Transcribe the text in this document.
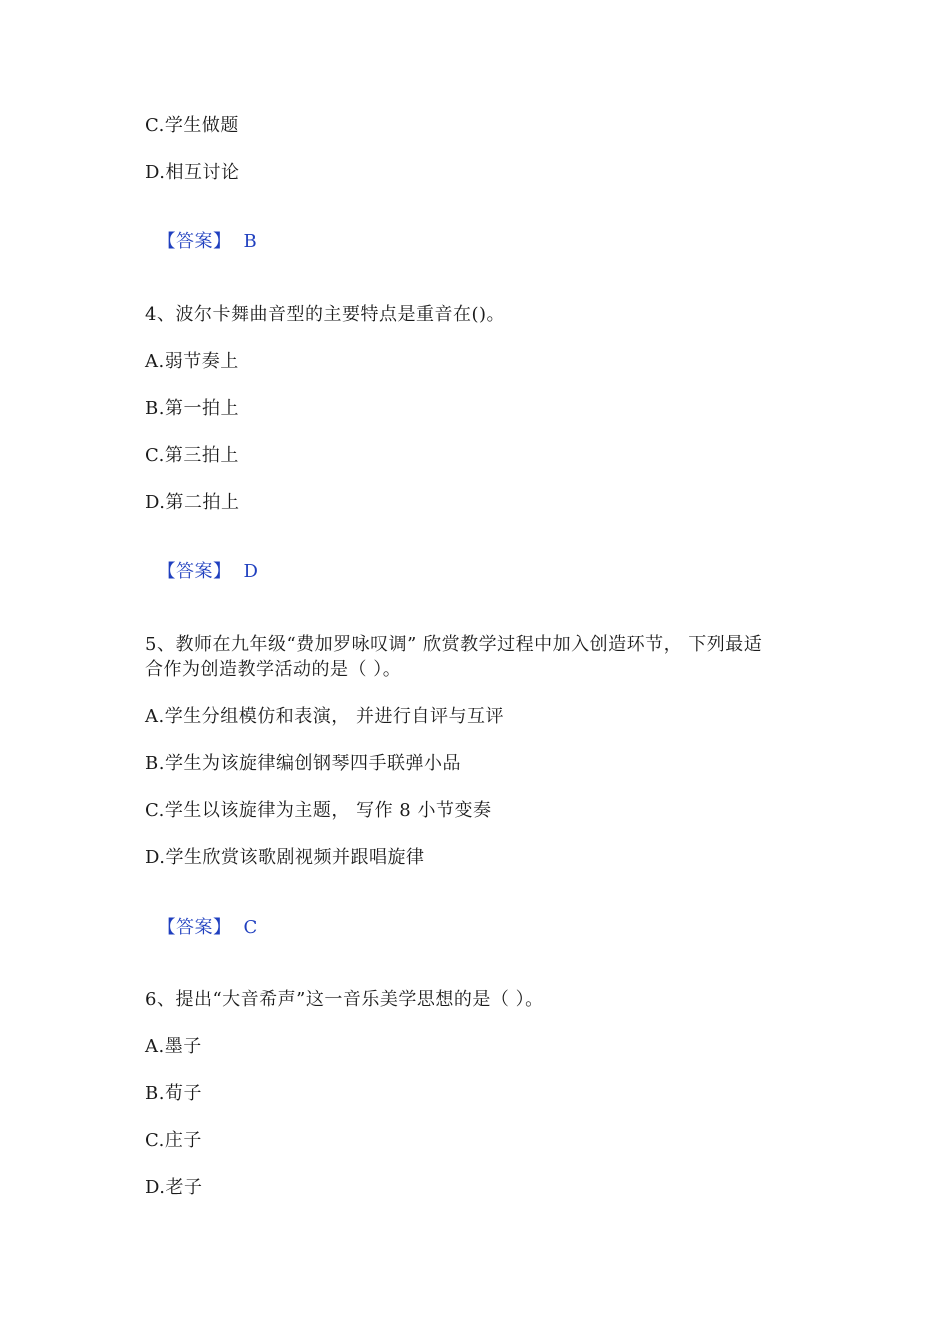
C.学生做题
D.相互讨论

【答案】 B

4、波尔卡舞曲音型的主要特点是重音在()。
A.弱节奏上
B.第一拍上
C.第三拍上
D.第二拍上

【答案】 D

5、教师在九年级“费加罗咏叹调” 欣赏教学过程中加入创造环节， 下列最适
合作为创造教学活动的是（ ）。
A.学生分组模仿和表演， 并进行自评与互评
B.学生为该旋律编创钢琴四手联弹小品
C.学生以该旋律为主题， 写作 8 小节变奏
D.学生欣赏该歌剧视频并跟唱旋律

【答案】 C

6、提出“大音希声”这一音乐美学思想的是（ ）。
A.墨子
B.荀子
C.庄子
D.老子
